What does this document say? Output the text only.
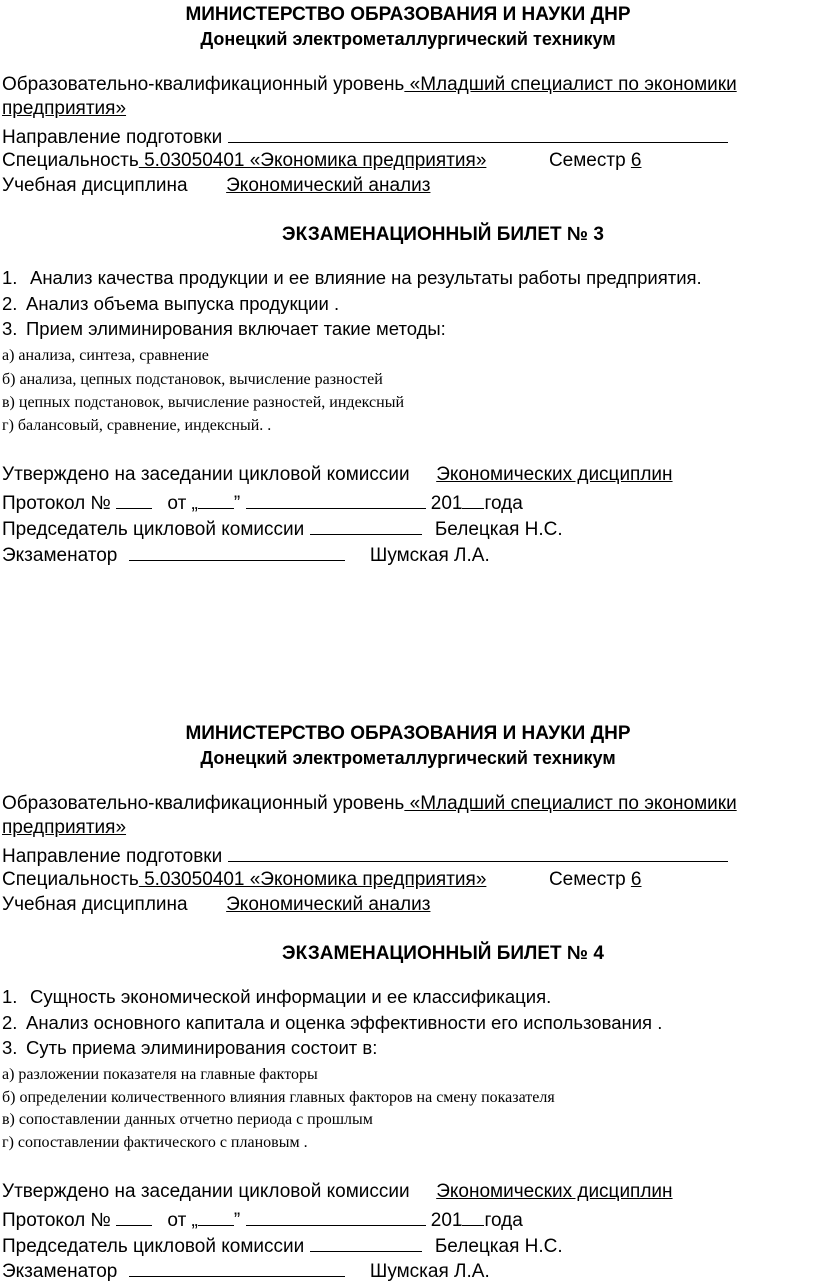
МИНИСТЕРСТВО ОБРАЗОВАНИЯ И НАУКИ ДНР
Донецкий электрометаллургический техникум
Образовательно-квалификационный уровень «Младший специалист по экономики
предприятия»
Направление подготовки
Специальность 5.03050401 «Экономика предприятия»	Семестр 6
Учебная дисциплина Экономический анализ
ЭКЗАМЕНАЦИОННЫЙ БИЛЕТ № 3
1. Анализ качества продукции и ее влияние на результаты работы предприятия.
2. Анализ объема выпуска продукции .
3. Прием элиминирования включает такие методы:
а) анализа, синтеза, сравнение
б) анализа, цепных подстановок, вычисление разностей
в) цепных подстановок, вычисление разностей, индексный
г) балансовый, сравнение, индексный. .
Утверждено на заседании цикловой комиссии Экономических дисциплин
Протокол №	от „ ”	201 года
Председатель цикловой комиссии	Белецкая Н.С.
Экзаменатор	Шумская Л.А.
МИНИСТЕРСТВО ОБРАЗОВАНИЯ И НАУКИ ДНР
Донецкий электрометаллургический техникум
Образовательно-квалификационный уровень «Младший специалист по экономики
предприятия»
Направление подготовки
Специальность 5.03050401 «Экономика предприятия»	Семестр 6
Учебная дисциплина Экономический анализ
ЭКЗАМЕНАЦИОННЫЙ БИЛЕТ № 4
1. Сущность экономической информации и ее классификация.
2. Анализ основного капитала и оценка эффективности его использования .
3. Суть приема элиминирования состоит в:
а) разложении показателя на главные факторы
б) определении количественного влияния главных факторов на смену показателя
в) сопоставлении данных отчетно периода с прошлым
г) сопоставлении фактического с плановым .
Утверждено на заседании цикловой комиссии Экономических дисциплин
Протокол №	от „ ”	201 года
Председатель цикловой комиссии	Белецкая Н.С.
Экзаменатор	Шумская Л.А.
